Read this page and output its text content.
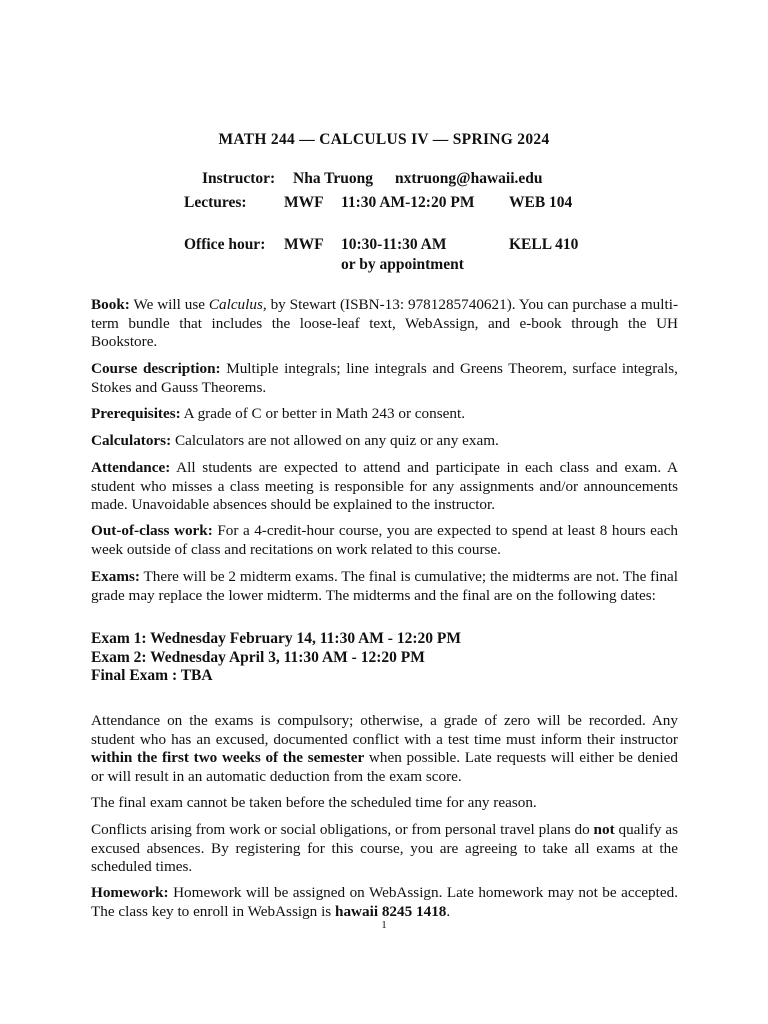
MATH 244 — CALCULUS IV — SPRING 2024
Instructor: Nha Truong nxtruong@hawaii.edu
Lectures: MWF 11:30 AM-12:20 PM WEB 104
Office hour: MWF 10:30-11:30 AM	KELL 410
or by appointment

Book: We will use Calculus, by Stewart (ISBN-13: 9781285740621). You can purchase a multi-term bundle that includes the loose-leaf text, WebAssign, and e-book through the UH Bookstore.

Course description: Multiple integrals; line integrals and Greens Theorem, surface integrals, Stokes and Gauss Theorems.

Prerequisites: A grade of C or better in Math 243 or consent.

Calculators: Calculators are not allowed on any quiz or any exam.

Attendance: All students are expected to attend and participate in each class and exam. A student who misses a class meeting is responsible for any assignments and/or announcements made. Unavoidable absences should be explained to the instructor.

Out-of-class work: For a 4-credit-hour course, you are expected to spend at least 8 hours each week outside of class and recitations on work related to this course.

Exams: There will be 2 midterm exams. The final is cumulative; the midterms are not. The final grade may replace the lower midterm. The midterms and the final are on the following dates:

Exam 1: Wednesday February 14, 11:30 AM - 12:20 PM
Exam 2: Wednesday April 3, 11:30 AM - 12:20 PM
Final Exam : TBA

Attendance on the exams is compulsory; otherwise, a grade of zero will be recorded. Any student who has an excused, documented conflict with a test time must inform their instructor within the first two weeks of the semester when possible. Late requests will either be denied or will result in an automatic deduction from the exam score.

The final exam cannot be taken before the scheduled time for any reason.

Conflicts arising from work or social obligations, or from personal travel plans do not qualify as excused absences. By registering for this course, you are agreeing to take all exams at the scheduled times.

Homework: Homework will be assigned on WebAssign. Late homework may not be accepted. The class key to enroll in WebAssign is hawaii 8245 1418.

1
